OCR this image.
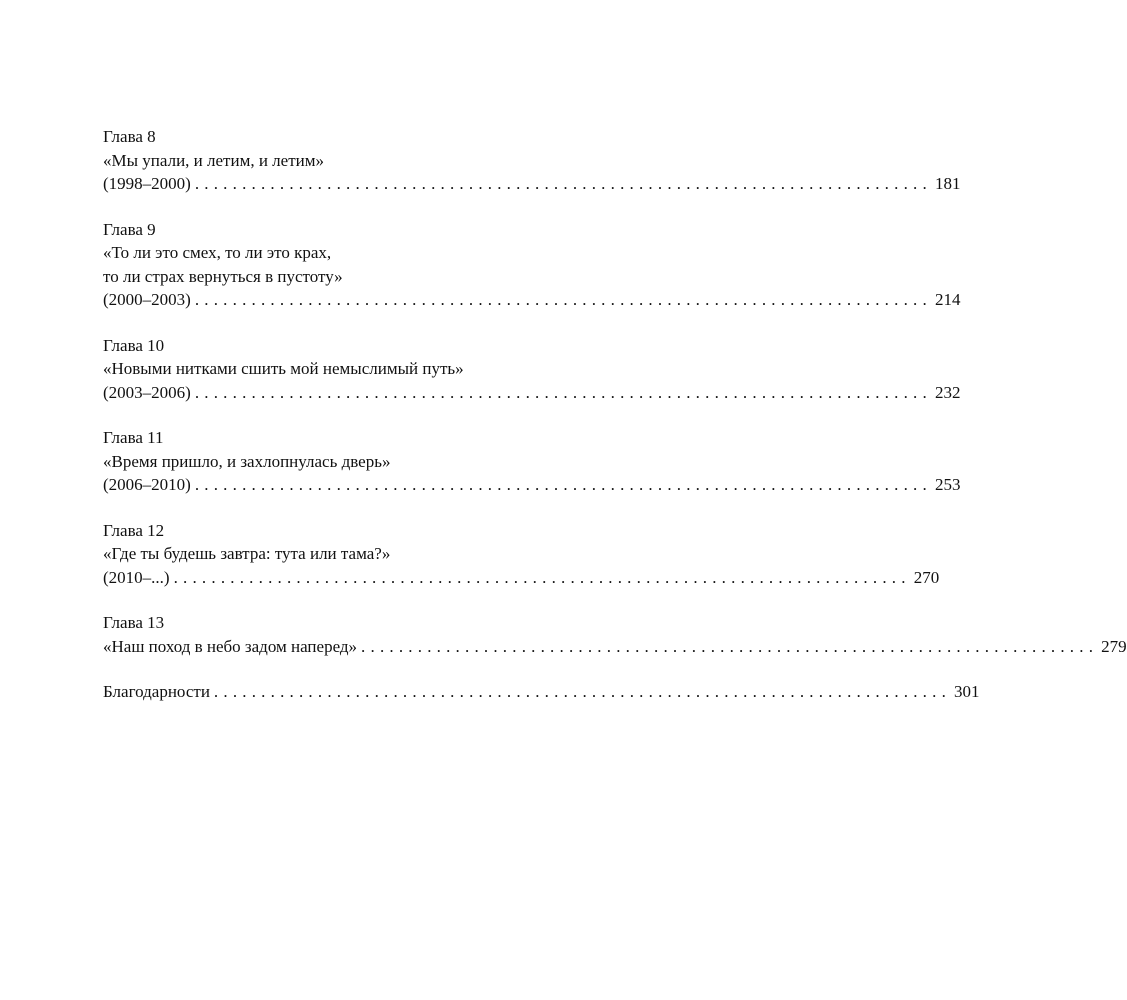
Глава 8
«Мы упали, и летим, и летим»
(1998–2000) .............................................................................. 181
Глава 9
«То ли это смех, то ли это крах,
то ли страх вернуться в пустоту»
(2000–2003) .............................................................................. 214
Глава 10
«Новыми нитками сшить мой немыслимый путь»
(2003–2006) .............................................................................. 232
Глава 11
«Время пришло, и захлопнулась дверь»
(2006–2010) .............................................................................. 253
Глава 12
«Где ты будешь завтра: тута или тама?»
(2010–...) .............................................................................. 270
Глава 13
«Наш поход в небо задом наперед» .............................................................................. 279
Благодарности .............................................................................. 301
